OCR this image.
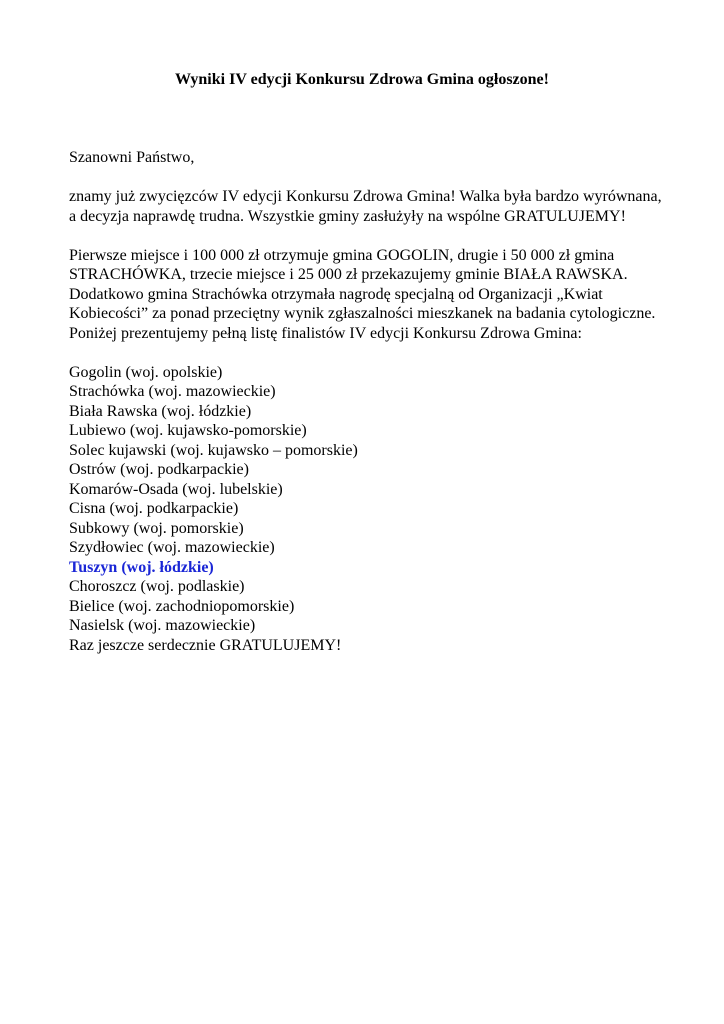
Wyniki IV edycji Konkursu Zdrowa Gmina ogłoszone!

Szanowni Państwo,

znamy już zwycięzców IV edycji Konkursu Zdrowa Gmina! Walka była bardzo wyrównana, a decyzja naprawdę trudna. Wszystkie gminy zasłużyły na wspólne GRATULUJEMY!

Pierwsze miejsce i 100 000 zł otrzymuje gmina GOGOLIN, drugie i 50 000 zł gmina STRACHÓWKA, trzecie miejsce i 25 000 zł przekazujemy gminie BIAŁA RAWSKA. Dodatkowo gmina Strachówka otrzymała nagrodę specjalną od Organizacji „Kwiat Kobiecości” za ponad przeciętny wynik zgłaszalności mieszkanek na badania cytologiczne. Poniżej prezentujemy pełną listę finalistów IV edycji Konkursu Zdrowa Gmina:

Gogolin (woj. opolskie)
Strachówka (woj. mazowieckie)
Biała Rawska (woj. łódzkie)
Lubiewo (woj. kujawsko-pomorskie)
Solec kujawski (woj. kujawsko – pomorskie)
Ostrów (woj. podkarpackie)
Komarów-Osada (woj. lubelskie)
Cisna (woj. podkarpackie)
Subkowy (woj. pomorskie)
Szydłowiec (woj. mazowieckie)
Tuszyn (woj. łódzkie)
Choroszcz (woj. podlaskie)
Bielice (woj. zachodniopomorskie)
Nasielsk (woj. mazowieckie)
Raz jeszcze serdecznie GRATULUJEMY!
